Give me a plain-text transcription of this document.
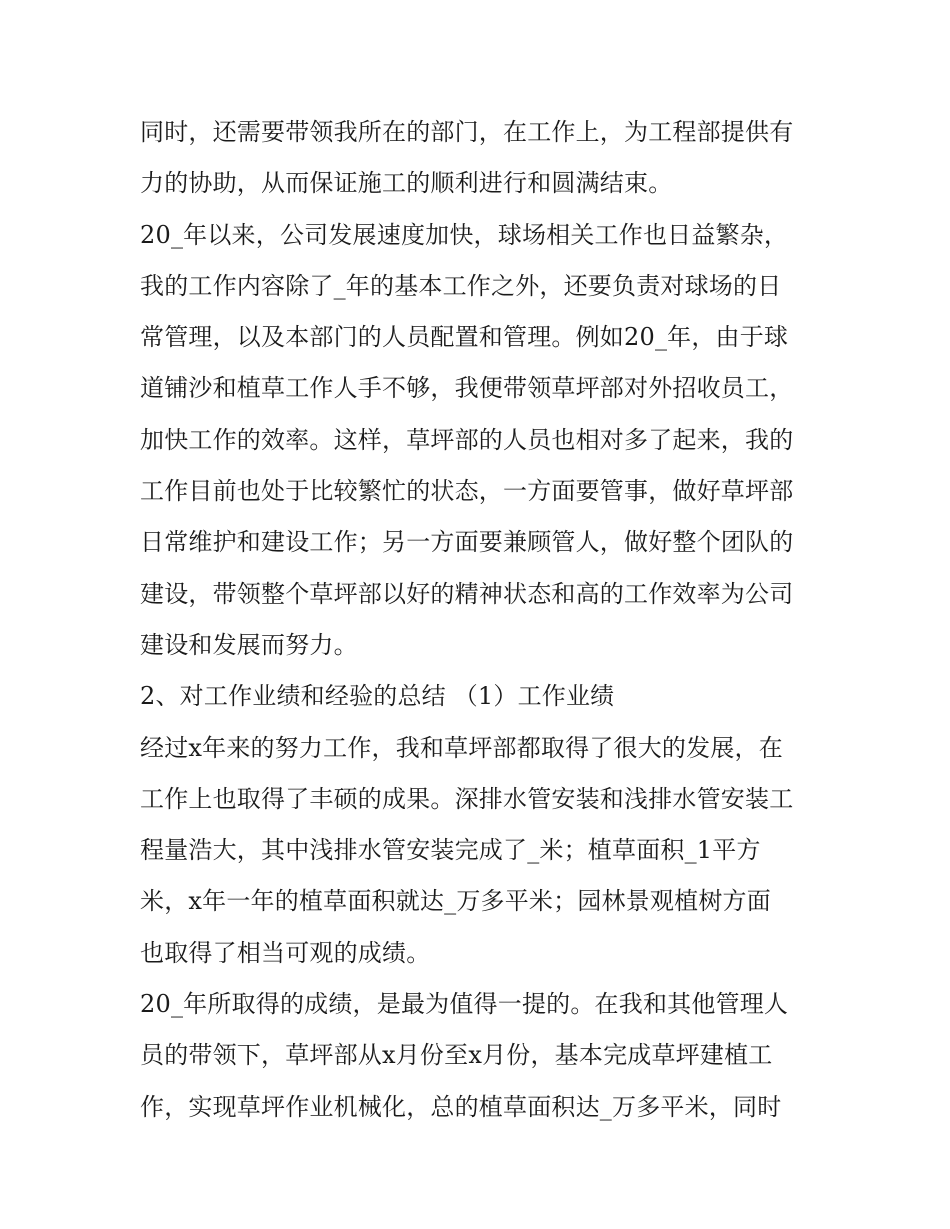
同时，还需要带领我所在的部门，在工作上，为工程部提供有
力的协助，从而保证施工的顺利进行和圆满结束。
20_年以来，公司发展速度加快，球场相关工作也日益繁杂，
我的工作内容除了_年的基本工作之外，还要负责对球场的日
常管理，以及本部门的人员配置和管理。例如20_年，由于球
道铺沙和植草工作人手不够，我便带领草坪部对外招收员工，
加快工作的效率。这样，草坪部的人员也相对多了起来，我的
工作目前也处于比较繁忙的状态，一方面要管事，做好草坪部
日常维护和建设工作；另一方面要兼顾管人，做好整个团队的
建设，带领整个草坪部以好的精神状态和高的工作效率为公司
建设和发展而努力。
2、对工作业绩和经验的总结 （1）工作业绩
经过x年来的努力工作，我和草坪部都取得了很大的发展，在
工作上也取得了丰硕的成果。深排水管安装和浅排水管安装工
程量浩大，其中浅排水管安装完成了_米；植草面积_1平方
米，x年一年的植草面积就达_万多平米；园林景观植树方面
也取得了相当可观的成绩。
20_年所取得的成绩，是最为值得一提的。在我和其他管理人
员的带领下，草坪部从x月份至x月份，基本完成草坪建植工
作，实现草坪作业机械化，总的植草面积达_万多平米，同时
